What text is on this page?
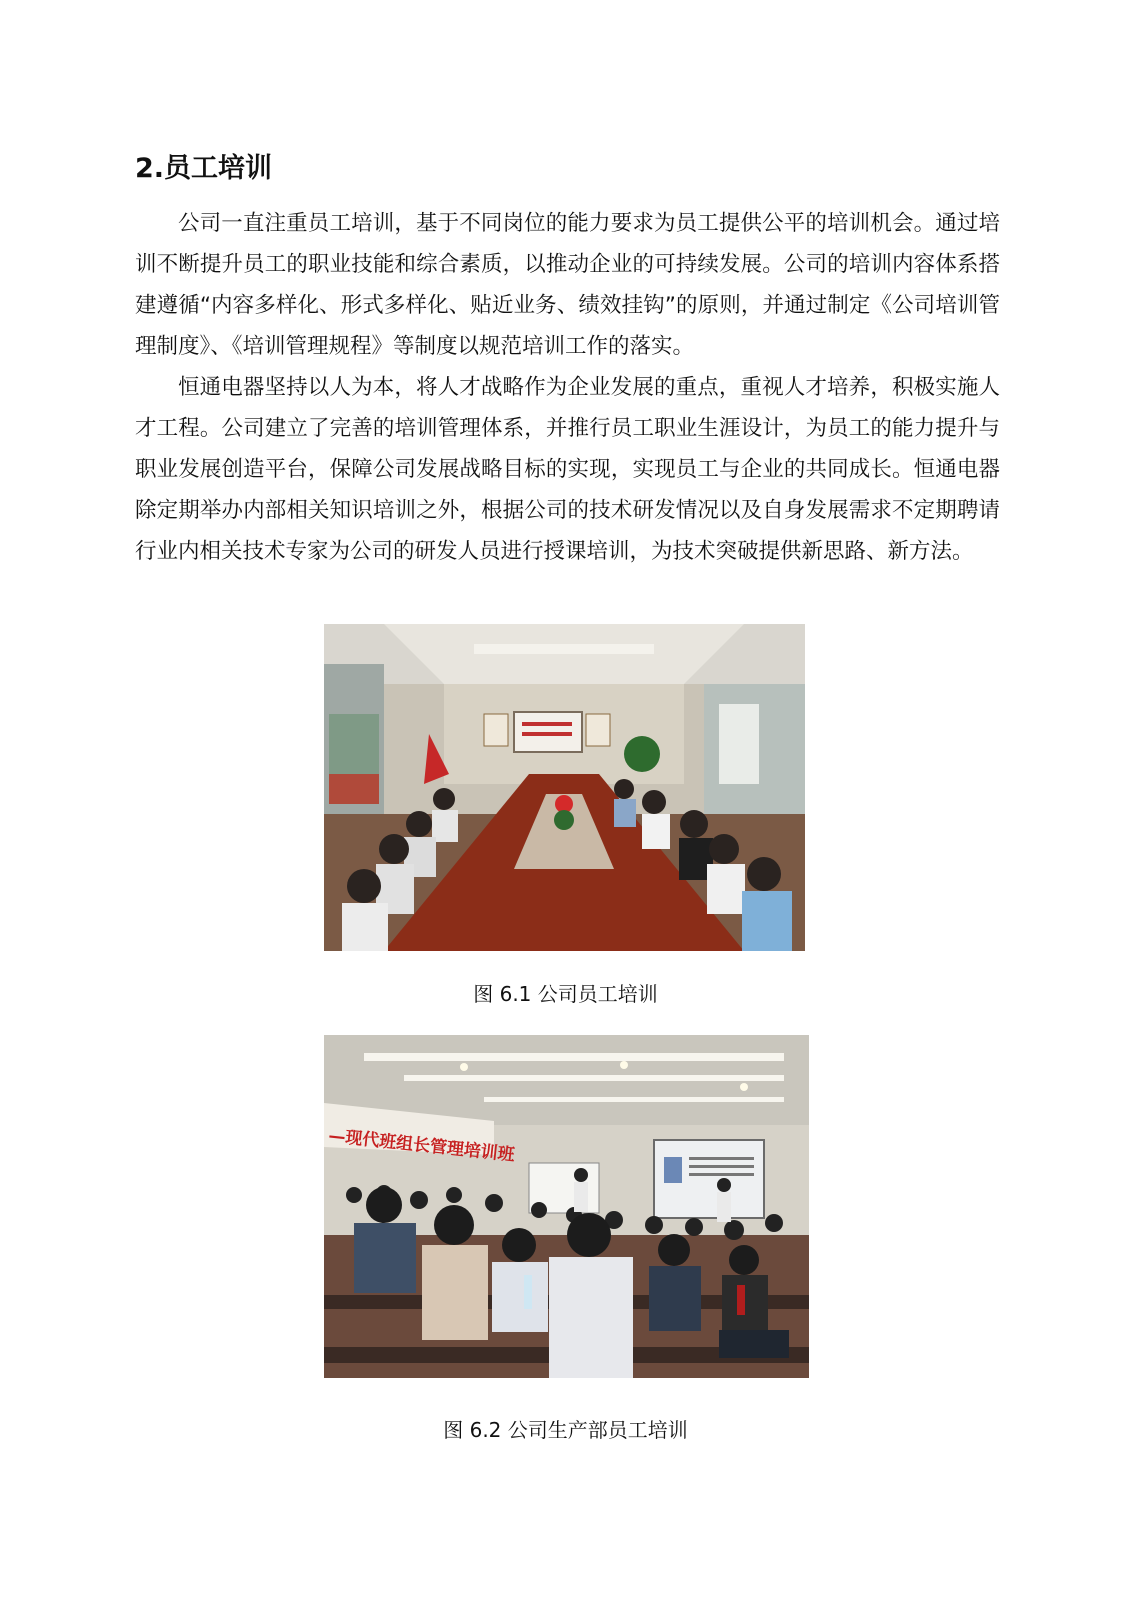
2.员工培训

公司一直注重员工培训，基于不同岗位的能力要求为员工提供公平的培训机会。通过培训不断提升员工的职业技能和综合素质，以推动企业的可持续发展。公司的培训内容体系搭建遵循“内容多样化、形式多样化、贴近业务、绩效挂钩”的原则，并通过制定《公司培训管理制度》、《培训管理规程》等制度以规范培训工作的落实。

恒通电器坚持以人为本，将人才战略作为企业发展的重点，重视人才培养，积极实施人才工程。公司建立了完善的培训管理体系，并推行员工职业生涯设计，为员工的能力提升与职业发展创造平台，保障公司发展战略目标的实现，实现员工与企业的共同成长。恒通电器除定期举办内部相关知识培训之外，根据公司的技术研发情况以及自身发展需求不定期聘请行业内相关技术专家为公司的研发人员进行授课培训，为技术突破提供新思路、新方法。

图 6.1 公司员工培训

—现代班组长管理培训班

图 6.2 公司生产部员工培训
